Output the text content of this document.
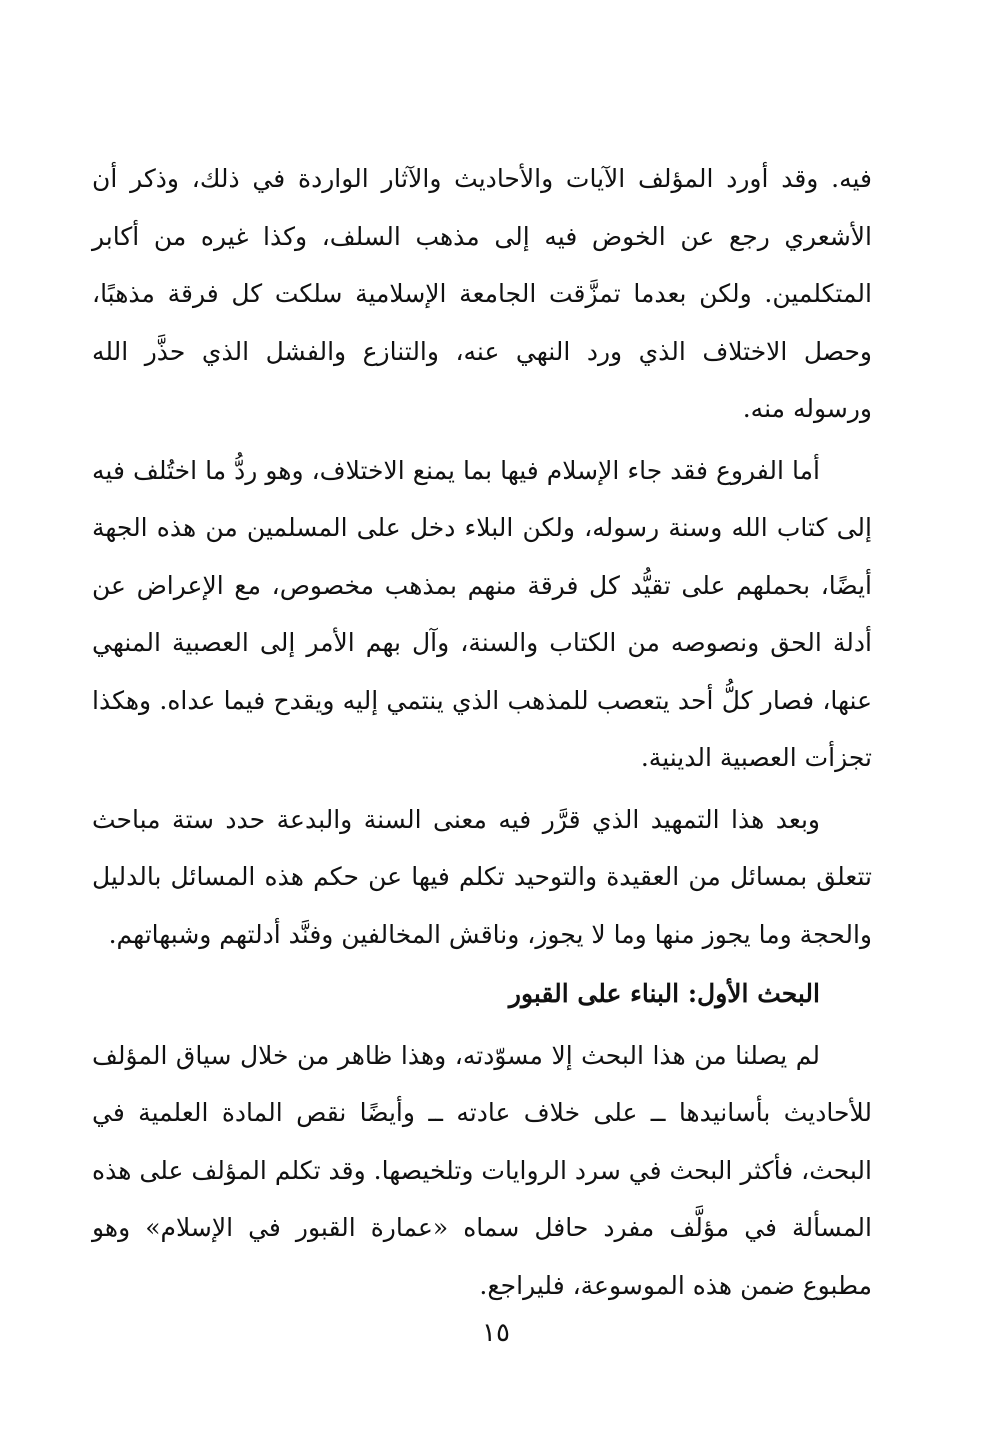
فيه. وقد أورد المؤلف الآيات والأحاديث والآثار الواردة في ذلك، وذكر أن الأشعري رجع عن الخوض فيه إلى مذهب السلف، وكذا غيره من أكابر المتكلمين. ولكن بعدما تمزَّقت الجامعة الإسلامية سلكت كل فرقة مذهبًا، وحصل الاختلاف الذي ورد النهي عنه، والتنازع والفشل الذي حذَّر الله ورسوله منه.

أما الفروع فقد جاء الإسلام فيها بما يمنع الاختلاف، وهو ردُّ ما اختُلف فيه إلى كتاب الله وسنة رسوله، ولكن البلاء دخل على المسلمين من هذه الجهة أيضًا، بحملهم على تقيُّد كل فرقة منهم بمذهب مخصوص، مع الإعراض عن أدلة الحق ونصوصه من الكتاب والسنة، وآل بهم الأمر إلى العصبية المنهي عنها، فصار كلُّ أحد يتعصب للمذهب الذي ينتمي إليه ويقدح فيما عداه. وهكذا تجزأت العصبية الدينية.

وبعد هذا التمهيد الذي قرَّر فيه معنى السنة والبدعة حدد ستة مباحث تتعلق بمسائل من العقيدة والتوحيد تكلم فيها عن حكم هذه المسائل بالدليل والحجة وما يجوز منها وما لا يجوز، وناقش المخالفين وفنَّد أدلتهم وشبهاتهم.

البحث الأول: البناء على القبور

لم يصلنا من هذا البحث إلا مسوّدته، وهذا ظاهر من خلال سياق المؤلف للأحاديث بأسانيدها ــ على خلاف عادته ــ وأيضًا نقص المادة العلمية في البحث، فأكثر البحث في سرد الروايات وتلخيصها. وقد تكلم المؤلف على هذه المسألة في مؤلَّف مفرد حافل سماه «عمارة القبور في الإسلام» وهو مطبوع ضمن هذه الموسوعة، فليراجع.

١٥
